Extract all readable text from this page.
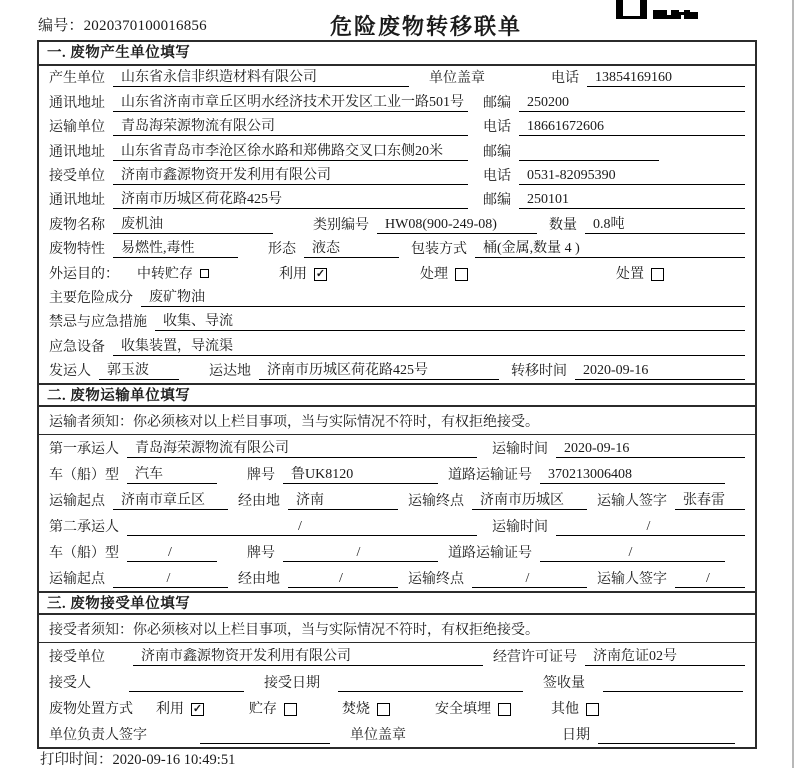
编号：2020370100016856	危险废物转移联单
一. 废物产生单位填写
产生单位	山东省永信非织造材料有限公司	单位盖章	电话	13854169160
通讯地址	山东省济南市章丘区明水经济技术开发区工业一路501号 邮编	250200
运输单位	青岛海荣源物流有限公司	电话	18661672606
通讯地址	山东省青岛市李沧区徐水路和郑佛路交叉口东侧20米	邮编
接受单位	济南市鑫源物资开发利用有限公司	电话	0531-82095390
通讯地址	济南市历城区荷花路425号	邮编	250101
废物名称	废机油	类别编号	HW08(900-249-08)	数量	0.8吨
废物特性	易燃性,毒性	形态	液态	包装方式	桶(金属,数量 4 )
外运目的： 中转贮存	利用 ✓	处理	处置
主要危险成分	废矿物油
禁忌与应急措施	收集、导流
应急设备	收集装置，导流渠
发运人	郭玉波	运达地	济南市历城区荷花路425号	转移时间	2020-09-16
二. 废物运输单位填写
运输者须知：你必须核对以上栏目事项，当与实际情况不符时，有权拒绝接受。
第一承运人	青岛海荣源物流有限公司	运输时间	2020-09-16
车（船）型	汽车	牌号	鲁UK8120	道路运输证号	370213006408
运输起点	济南市章丘区	经由地	济南	运输终点	济南市历城区	运输人签字	张春雷
第二承运人	/	运输时间	/
车（船）型	/	牌号	/	道路运输证号	/
运输起点	/	经由地	/	运输终点	/	运输人签字	/
三. 废物接受单位填写
接受者须知：你必须核对以上栏目事项，当与实际情况不符时，有权拒绝接受。
接受单位	济南市鑫源物资开发利用有限公司	经营许可证号	济南危证02号
接受人	接受日期	签收量
废物处置方式 利用 ✓	贮存	焚烧	安全填埋	其他
单位负责人签字	单位盖章	日期
打印时间：2020-09-16 10:49:51
